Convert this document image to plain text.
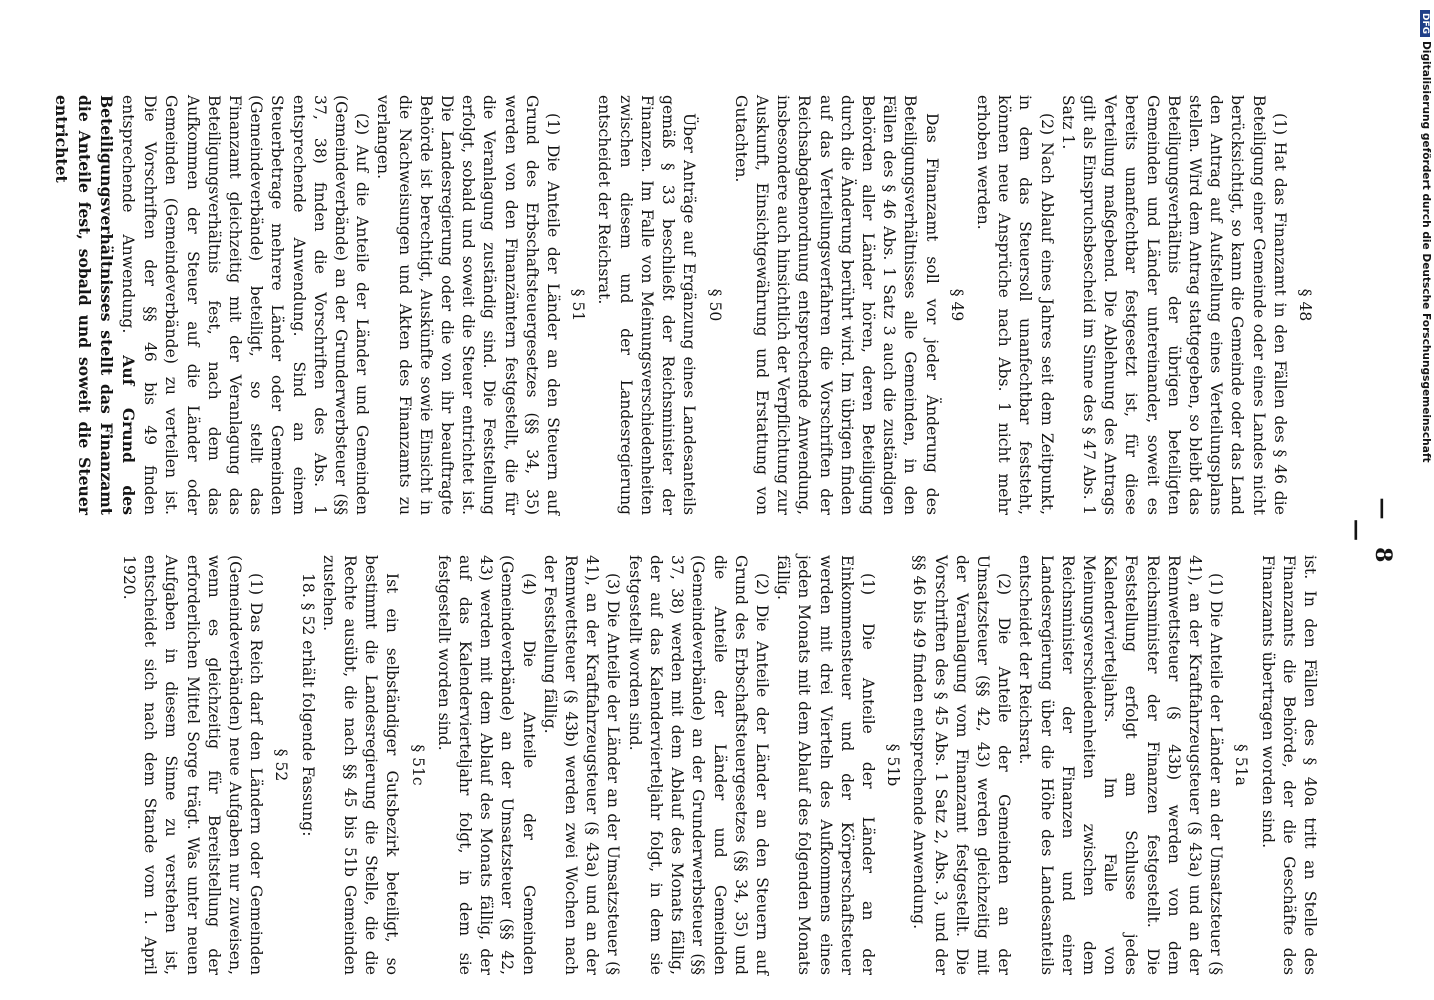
DFGDigitalisierung gefördert durch die Deutsche Forschungsgemeinschaft
— 8 —
§ 48

(1) Hat das Finanzamt in den Fällen des § 46 die Beteiligung einer Gemeinde oder eines Landes nicht berücksichtigt, so kann die Gemeinde oder das Land den Antrag auf Aufstellung eines Verteilungsplans stellen. Wird dem Antrag stattgegeben, so bleibt das Beteiligungsverhältnis der übrigen beteiligten Gemeinden und Länder untereinander, soweit es bereits unanfechtbar festgesetzt ist, für diese Verteilung maßgebend. Die Ablehnung des Antrags gilt als Einspruchsbescheid im Sinne des § 47 Abs. 1 Satz 1.

(2) Nach Ablauf eines Jahres seit dem Zeitpunkt, in dem das Steuersoll unanfechtbar feststeht, können neue Ansprüche nach Abs. 1 nicht mehr erhoben werden.

§ 49

Das Finanzamt soll vor jeder Änderung des Beteiligungsverhältnisses alle Gemeinden, in den Fällen des § 46 Abs. 1 Satz 3 auch die zuständigen Behörden aller Länder hören, deren Beteiligung durch die Änderung berührt wird. Im übrigen finden auf das Verteilungsverfahren die Vorschriften der Reichsabgabenordnung entsprechende Anwendung, insbesondere auch hinsichtlich der Verpflichtung zur Auskunft, Einsichtgewährung und Erstattung von Gutachten.

§ 50

Über Anträge auf Ergänzung eines Landesanteils gemäß § 33 beschließt der Reichsminister der Finanzen. Im Falle von Meinungsverschiedenheiten zwischen diesem und der Landesregierung entscheidet der Reichsrat.

§ 51

(1) Die Anteile der Länder an den Steuern auf Grund des Erbschaftsteuergesetzes (§§ 34, 35) werden von den Finanzämtern festgestellt, die für die Veranlagung zuständig sind. Die Feststellung erfolgt, sobald und soweit die Steuer entrichtet ist. Die Landesregierung oder die von ihr beauftragte Behörde ist berechtigt, Auskünfte sowie Einsicht in die Nachweisungen und Akten des Finanzamts zu verlangen.

(2) Auf die Anteile der Länder und Gemeinden (Gemeindeverbände) an der Grunderwerbsteuer (§§ 37, 38) finden die Vorschriften des Abs. 1 entsprechende Anwendung. Sind an einem Steuerbetrage mehrere Länder oder Gemeinden (Gemeindeverbände) beteiligt, so stellt das Finanzamt gleichzeitig mit der Veranlagung das Beteiligungsverhältnis fest, nach dem das Aufkommen der Steuer auf die Länder oder Gemeinden (Gemeindeverbände) zu verteilen ist. Die Vorschriften der §§ 46 bis 49 finden entsprechende Anwendung. Auf Grund des Beteiligungsverhältnisses stellt das Finanzamt die Anteile fest, sobald und soweit die Steuer entrichtet

ist. In den Fällen des § 40a tritt an Stelle des Finanzamts die Behörde, der die Geschäfte des Finanzamts übertragen worden sind.

§ 51a

(1) Die Anteile der Länder an der Umsatzsteuer (§ 41), an der Kraftfahrzeugsteuer (§ 43a) und an der Rennwettsteuer (§ 43b) werden von dem Reichsminister der Finanzen festgestellt. Die Feststellung erfolgt am Schlusse jedes Kalendervierteljahrs. Im Falle von Meinungsverschiedenheiten zwischen dem Reichsminister der Finanzen und einer Landesregierung über die Höhe des Landesanteils entscheidet der Reichsrat.

(2) Die Anteile der Gemeinden an der Umsatzsteuer (§§ 42, 43) werden gleichzeitig mit der Veranlagung vom Finanzamt festgestellt. Die Vorschriften des § 45 Abs. 1 Satz 2, Abs. 3, und der §§ 46 bis 49 finden entsprechende Anwendung.

§ 51b

(1) Die Anteile der Länder an der Einkommensteuer und der Körperschaftsteuer werden mit drei Vierteln des Aufkommens eines jeden Monats mit dem Ablauf des folgenden Monats fällig.

(2) Die Anteile der Länder an den Steuern auf Grund des Erbschaftsteuergesetzes (§§ 34, 35) und die Anteile der Länder und Gemeinden (Gemeindeverbände) an der Grunderwerbsteuer (§§ 37, 38) werden mit dem Ablauf des Monats fällig, der auf das Kalendervierteljahr folgt, in dem sie festgestellt worden sind.

(3) Die Anteile der Länder an der Umsatzsteuer (§ 41), an der Kraftfahrzeugsteuer (§ 43a) und an der Rennwettsteuer (§ 43b) werden zwei Wochen nach der Feststellung fällig.

(4) Die Anteile der Gemeinden (Gemeindeverbände) an der Umsatzsteuer (§§ 42, 43) werden mit dem Ablauf des Monats fällig, der auf das Kalendervierteljahr folgt, in dem sie festgestellt worden sind.

§ 51c

Ist ein selbständiger Gutsbezirk beteiligt, so bestimmt die Landesregierung die Stelle, die die Rechte ausübt, die nach §§ 45 bis 51b Gemeinden zustehen.

18. § 52 erhält folgende Fassung:

§ 52

(1) Das Reich darf den Ländern oder Gemeinden (Gemeindeverbänden) neue Aufgaben nur zuweisen, wenn es gleichzeitig für Bereitstellung der erforderlichen Mittel Sorge trägt. Was unter neuen Aufgaben in diesem Sinne zu verstehen ist, entscheidet sich nach dem Stande vom 1. April 1920.
